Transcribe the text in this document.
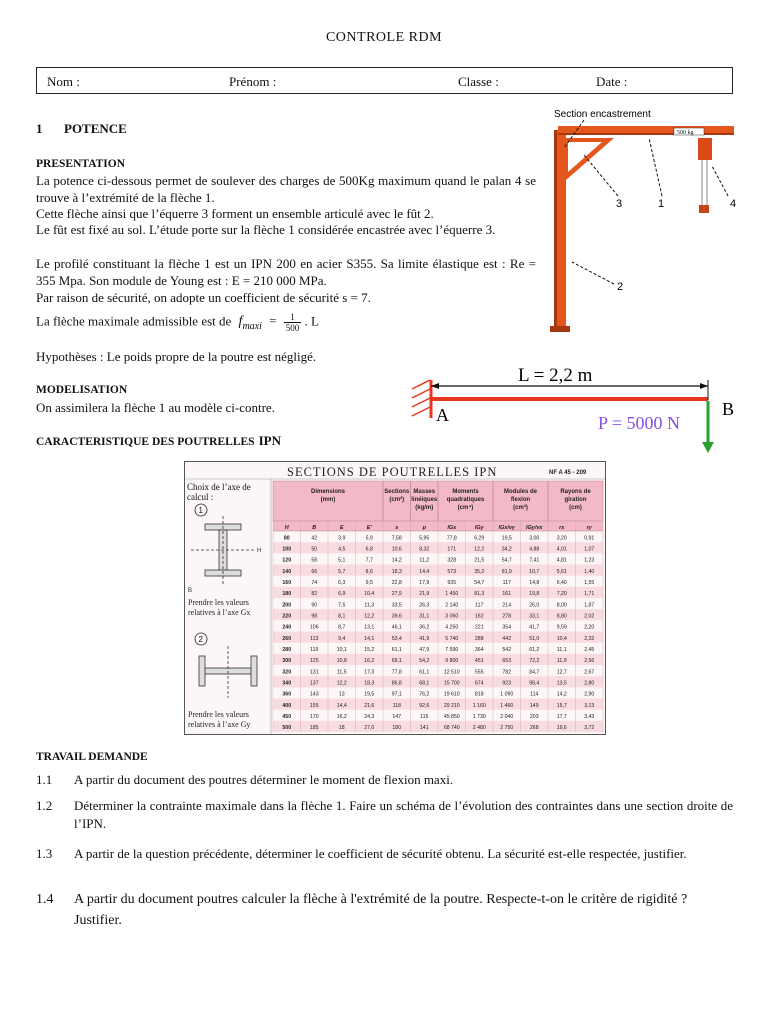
CONTROLE RDM
Nom :	Prénom :	Classe :	Date :
1 POTENCE
PRESENTATION
La potence ci-dessous permet de soulever des charges de 500Kg maximum quand le palan 4 se trouve à l’extrémité de la flèche 1.
Cette flèche ainsi que l’équerre 3 forment un ensemble articulé avec le fût 2.
Le fût est fixé au sol. L’étude porte sur la flèche 1 considérée encastrée avec l’équerre 3.
Le profilé constituant la flèche 1 est un IPN 200 en acier S355. Sa limite élastique est : Re = 355 Mpa. Son module de Young est : E = 210 000 MPa.
Par raison de sécurité, on adopte un coefficient de sécurité s = 7.
La flèche maximale admissible est de $f_{maxi} = \frac{1}{500}$ . L
Hypothèses : Le poids propre de la poutre est négligé.
MODELISATION
On assimilera la flèche 1 au modèle ci-contre.
CARACTERISTIQUE DES POUTRELLES IPN
500 kg
Section encastrement
3	1	4
2
L = 2,2 m
A	B
P = 5000 N
SECTIONS DE POUTRELLES IPN	NF A 45 - 209
Choix de l’axe de
calcul :
1
B
H
Prendre les valeurs
relatives à l’axe Gx
2
Prendre les valeurs
relatives à l’axe Gy
Dimensions
(mm)
Sections
(cm²)
Masses
linéiques
(kg/m)
Moments
quadratiques
(cm⁴)
Modules de
flexion
(cm³)
Rayons de
giration
(cm)
H	B	E	E'	s	p	IGx	IGy	IGx/vy IGy/vx	rx	ry
80	42	3,9	5,9	7,58	5,95	77,8	6,29	19,5	3,00	3,20	0,91
100	50	4,5	6,8	10,6	8,32	171	12,2	34,2	4,88	4,01	1,07
120	58	5,1	7,7	14,2	11,2	328	21,5	54,7	7,41	4,81	1,23
140	66	5,7	8,6	18,3	14,4	573	35,2	81,9	10,7	5,61	1,40
160	74	6,3	9,5	22,8	17,9	935	54,7	117	14,8	6,40	1,55
180	82	6,9	10,4	27,9	21,9	1 450	81,3	161	19,8	7,20	1,71
200	90	7,5	11,3	33,5	26,3	2 140	117	214	26,0	8,00	1,87
220	98	8,1	12,2	39,6	31,1	3 060	162	278	33,1	8,80	2,02
240	106	8,7	13,1	46,1	36,2	4 250	221	354	41,7	9,59	2,20
260	113	9,4	14,1	53,4	41,9	5 740	288	442	51,0	10,4	2,32
280	119	10,1	15,2	61,1	47,9	7 590	364	542	61,2	11,1	2,45
300	125	10,8	16,2	69,1	54,2	9 800	451	653	72,2	11,9	2,56
320	131	11,5	17,3	77,8	61,1	12 510	555	782	84,7	12,7	2,67
340	137	12,2	18,3	86,8	68,1	15 700	674	923	98,4	13,5	2,80
360	143	13	19,5	97,1	76,2	19 610	818	1 090	114	14,2	2,90
400	155	14,4	21,6	118	92,6	29 210	1 160	1 460	149	15,7	3,13
450	170	16,2	24,3	147	115	45 850	1 730	2 040	203	17,7	3,43
500	185	18	27,0	180	141	68 740	2 480	2 750	268	19,6	3,72
TRAVAIL DEMANDE
1.1 A partir du document des poutres déterminer le moment de flexion maxi.
1.2 Déterminer la contrainte maximale dans la flèche 1. Faire un schéma de l’évolution des contraintes dans une section droite de l’IPN.
1.3 A partir de la question précédente, déterminer le coefficient de sécurité obtenu. La sécurité est-elle respectée, justifier.
1.4 A partir du document poutres calculer la flèche à l'extrémité de la poutre. Respecte-t-on le critère de rigidité ? Justifier.
